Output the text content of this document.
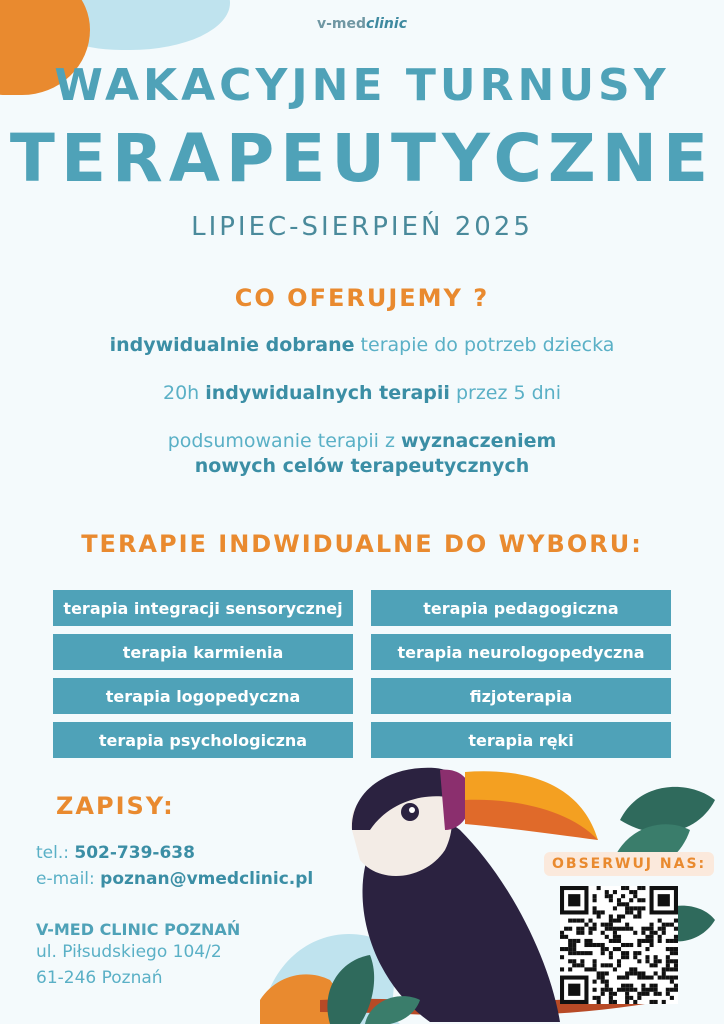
v-medclinic
WAKACYJNE TURNUSY
TERAPEUTYCZNE
LIPIEC-SIERPIEŃ 2025
CO OFERUJEMY ?
indywidualnie dobrane terapie do potrzeb dziecka
20h indywidualnych terapii przez 5 dni
podsumowanie terapii z wyznaczeniem
nowych celów terapeutycznych
TERAPIE INDWIDUALNE DO WYBORU:
terapia integracji sensorycznej
terapia karmienia
terapia logopedyczna
terapia psychologiczna
terapia pedagogiczna
terapia neurologopedyczna
fizjoterapia
terapia ręki
ZAPISY:
tel.: 502-739-638
e-mail: poznan@vmedclinic.pl
V-MED CLINIC POZNAŃ
ul. Piłsudskiego 104/2
61-246 Poznań
OBSERWUJ NAS:
